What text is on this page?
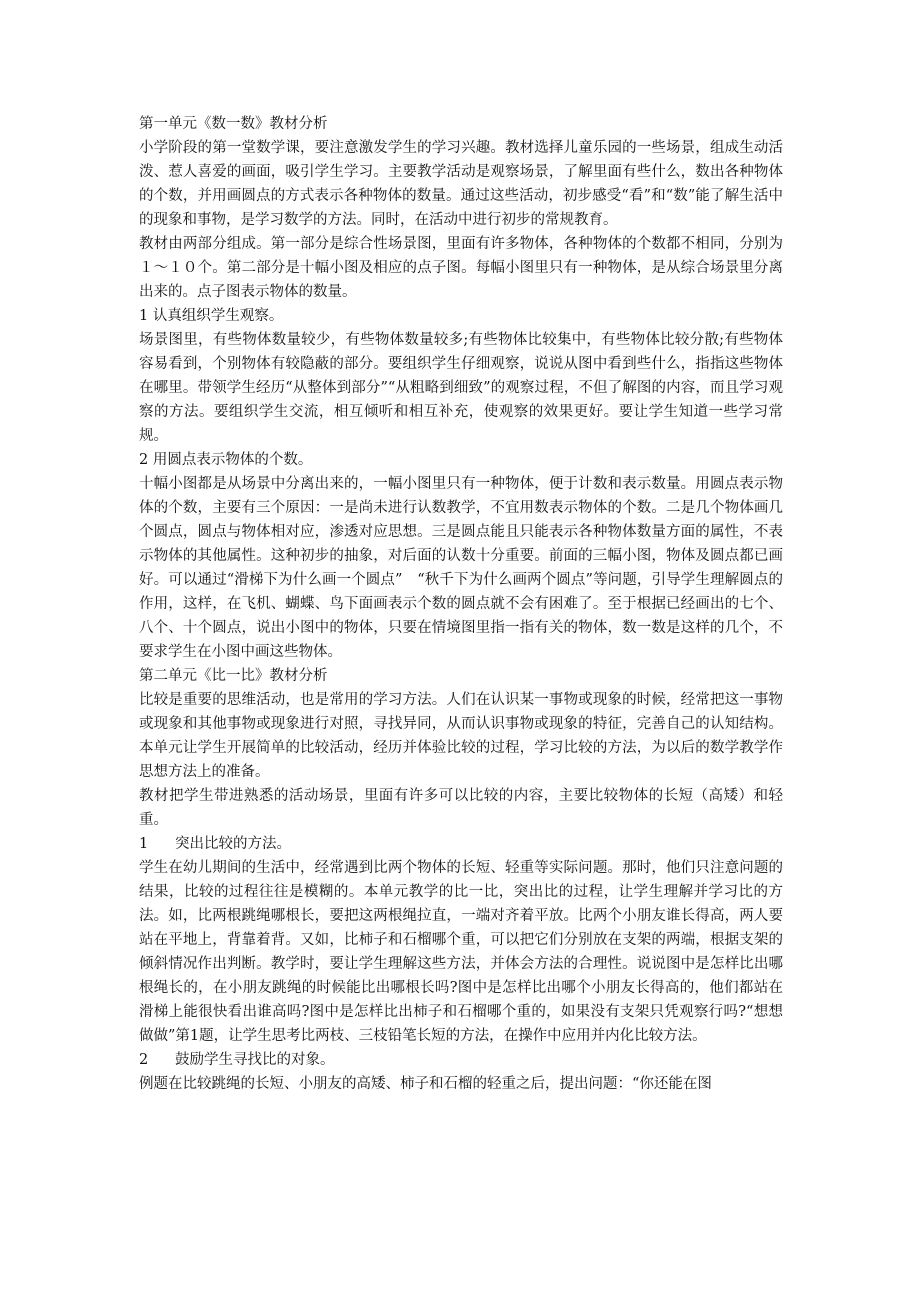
第一单元《数一数》教材分析

小学阶段的第一堂数学课，要注意激发学生的学习兴趣。教材选择儿童乐园的一些场景，组成生动活泼、惹人喜爱的画面，吸引学生学习。主要教学活动是观察场景，了解里面有些什么，数出各种物体的个数，并用画圆点的方式表示各种物体的数量。通过这些活动，初步感受“看”和“数”能了解生活中的现象和事物，是学习数学的方法。同时，在活动中进行初步的常规教育。

教材由两部分组成。第一部分是综合性场景图，里面有许多物体，各种物体的个数都不相同，分别为１～１０个。第二部分是十幅小图及相应的点子图。每幅小图里只有一种物体，是从综合场景里分离出来的。点子图表示物体的数量。

1 认真组织学生观察。

场景图里，有些物体数量较少，有些物体数量较多;有些物体比较集中，有些物体比较分散;有些物体容易看到，个别物体有较隐蔽的部分。要组织学生仔细观察，说说从图中看到些什么，指指这些物体在哪里。带领学生经历“从整体到部分”“从粗略到细致”的观察过程，不但了解图的内容，而且学习观察的方法。要组织学生交流，相互倾听和相互补充，使观察的效果更好。要让学生知道一些学习常规。

2 用圆点表示物体的个数。

十幅小图都是从场景中分离出来的，一幅小图里只有一种物体，便于计数和表示数量。用圆点表示物体的个数，主要有三个原因：一是尚未进行认数教学，不宜用数表示物体的个数。二是几个物体画几个圆点，圆点与物体相对应，渗透对应思想。三是圆点能且只能表示各种物体数量方面的属性，不表示物体的其他属性。这种初步的抽象，对后面的认数十分重要。前面的三幅小图，物体及圆点都已画好。可以通过“滑梯下为什么画一个圆点”　“秋千下为什么画两个圆点”等问题，引导学生理解圆点的作用，这样，在飞机、蝴蝶、鸟下面画表示个数的圆点就不会有困难了。至于根据已经画出的七个、八个、十个圆点，说出小图中的物体，只要在情境图里指一指有关的物体，数一数是这样的几个，不要求学生在小图中画这些物体。

第二单元《比一比》教材分析

比较是重要的思维活动，也是常用的学习方法。人们在认识某一事物或现象的时候，经常把这一事物或现象和其他事物或现象进行对照，寻找异同，从而认识事物或现象的特征，完善自己的认知结构。本单元让学生开展简单的比较活动，经历并体验比较的过程，学习比较的方法，为以后的数学教学作思想方法上的准备。

教材把学生带进熟悉的活动场景，里面有许多可以比较的内容，主要比较物体的长短（高矮）和轻重。

1 突出比较的方法。

学生在幼儿期间的生活中，经常遇到比两个物体的长短、轻重等实际问题。那时，他们只注意问题的结果，比较的过程往往是模糊的。本单元教学的比一比，突出比的过程，让学生理解并学习比的方法。如，比两根跳绳哪根长，要把这两根绳拉直，一端对齐着平放。比两个小朋友谁长得高，两人要站在平地上，背靠着背。又如，比柿子和石榴哪个重，可以把它们分别放在支架的两端，根据支架的倾斜情况作出判断。教学时，要让学生理解这些方法，并体会方法的合理性。说说图中是怎样比出哪根绳长的，在小朋友跳绳的时候能比出哪根长吗?图中是怎样比出哪个小朋友长得高的，他们都站在滑梯上能很快看出谁高吗?图中是怎样比出柿子和石榴哪个重的，如果没有支架只凭观察行吗?“想想做做”第1题，让学生思考比两枝、三枝铅笔长短的方法，在操作中应用并内化比较方法。

2 鼓励学生寻找比的对象。

例题在比较跳绳的长短、小朋友的高矮、柿子和石榴的轻重之后，提出问题：“你还能在图
